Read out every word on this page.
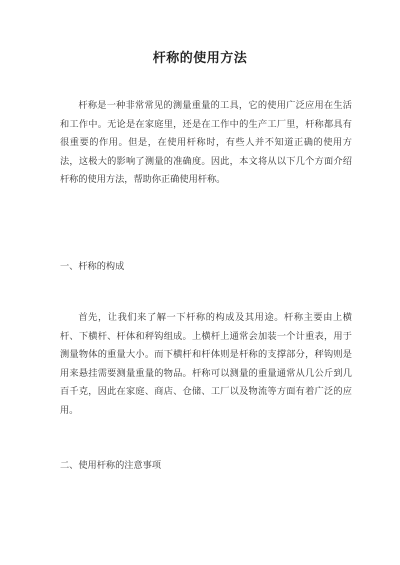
杆称的使用方法

杆称是一种非常常见的测量重量的工具，它的使用广泛应用在生活和工作中。无论是在家庭里，还是在工作中的生产工厂里，杆称都具有很重要的作用。但是，在使用杆称时，有些人并不知道正确的使用方法，这极大的影响了测量的准确度。因此，本文将从以下几个方面介绍杆称的使用方法，帮助你正确使用杆称。

一、杆称的构成

首先，让我们来了解一下杆称的构成及其用途。杆称主要由上横杆、下横杆、杆体和秤钩组成。上横杆上通常会加装一个计重表，用于测量物体的重量大小。而下横杆和杆体则是杆称的支撑部分，秤钩则是用来悬挂需要测量重量的物品。杆称可以测量的重量通常从几公斤到几百千克，因此在家庭、商店、仓储、工厂以及物流等方面有着广泛的应用。

二、使用杆称的注意事项
